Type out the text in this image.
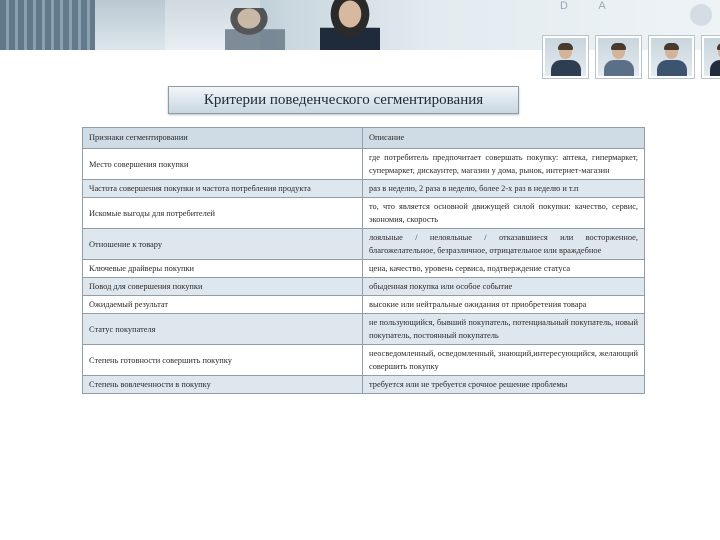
D A
Критерии поведенческого сегментирования
Признаки сегментировании	Описание
Место совершения покупки	где потребитель предпочитает совершать покупку: аптека, гипермаркет, супермаркет, дискаунтер, магазин у дома, рынок, интернет-магазин
Частота совершения покупки и частота потребления продукта	раз в неделю, 2 раза в неделю, более 2-х раз в неделю и т.п
Искомые выгоды для потребителей	то, что является основной движущей силой покупки: качество, сервис, экономия, скорость
Отношение к товару	лояльные / нелояльные / отказавшиеся или восторженное, благожелательное, безразличное, отрицательное или враждебное
Ключевые драйверы покупки	цена, качество, уровень сервиса, подтверждение статуса
Повод для совершения покупки	обыденная покупка или особое событие
Ожидаемый результат	высокие или нейтральные ожидания от приобретения товара
Статус покупателя	не пользующийся, бывший покупатель, потенциальный покупатель, новый покупатель, постоянный покупатель
Степень готовности совершить покупку	неосведомленный, осведомленный, знающий,интересующийся, желающий совершить покупку
Степень вовлеченности в покупку	требуется или не требуется срочное решение проблемы
